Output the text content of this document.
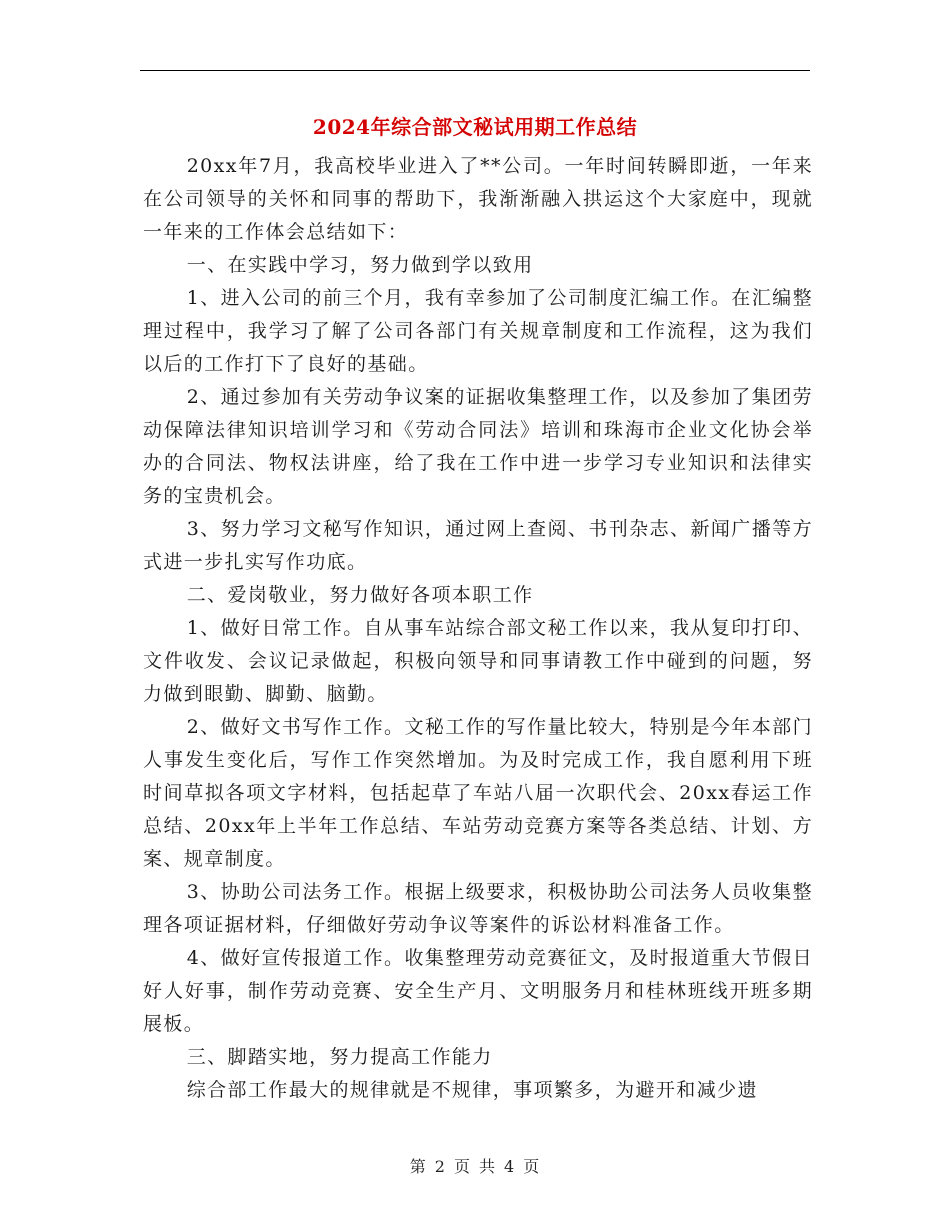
2024年综合部文秘试用期工作总结

20xx年7月，我高校毕业进入了**公司。一年时间转瞬即逝，一年来在公司领导的关怀和同事的帮助下，我渐渐融入拱运这个大家庭中，现就一年来的工作体会总结如下：

一、在实践中学习，努力做到学以致用

1、进入公司的前三个月，我有幸参加了公司制度汇编工作。在汇编整理过程中，我学习了解了公司各部门有关规章制度和工作流程，这为我们以后的工作打下了良好的基础。

2、通过参加有关劳动争议案的证据收集整理工作，以及参加了集团劳动保障法律知识培训学习和《劳动合同法》培训和珠海市企业文化协会举办的合同法、物权法讲座，给了我在工作中进一步学习专业知识和法律实务的宝贵机会。

3、努力学习文秘写作知识，通过网上查阅、书刊杂志、新闻广播等方式进一步扎实写作功底。

二、爱岗敬业，努力做好各项本职工作

1、做好日常工作。自从事车站综合部文秘工作以来，我从复印打印、文件收发、会议记录做起，积极向领导和同事请教工作中碰到的问题，努力做到眼勤、脚勤、脑勤。

2、做好文书写作工作。文秘工作的写作量比较大，特别是今年本部门人事发生变化后，写作工作突然增加。为及时完成工作，我自愿利用下班时间草拟各项文字材料，包括起草了车站八届一次职代会、20xx春运工作总结、20xx年上半年工作总结、车站劳动竞赛方案等各类总结、计划、方案、规章制度。

3、协助公司法务工作。根据上级要求，积极协助公司法务人员收集整理各项证据材料，仔细做好劳动争议等案件的诉讼材料准备工作。

4、做好宣传报道工作。收集整理劳动竞赛征文，及时报道重大节假日好人好事，制作劳动竞赛、安全生产月、文明服务月和桂林班线开班多期展板。

三、脚踏实地，努力提高工作能力

综合部工作最大的规律就是不规律，事项繁多，为避开和减少遗

第 2 页 共 4 页
